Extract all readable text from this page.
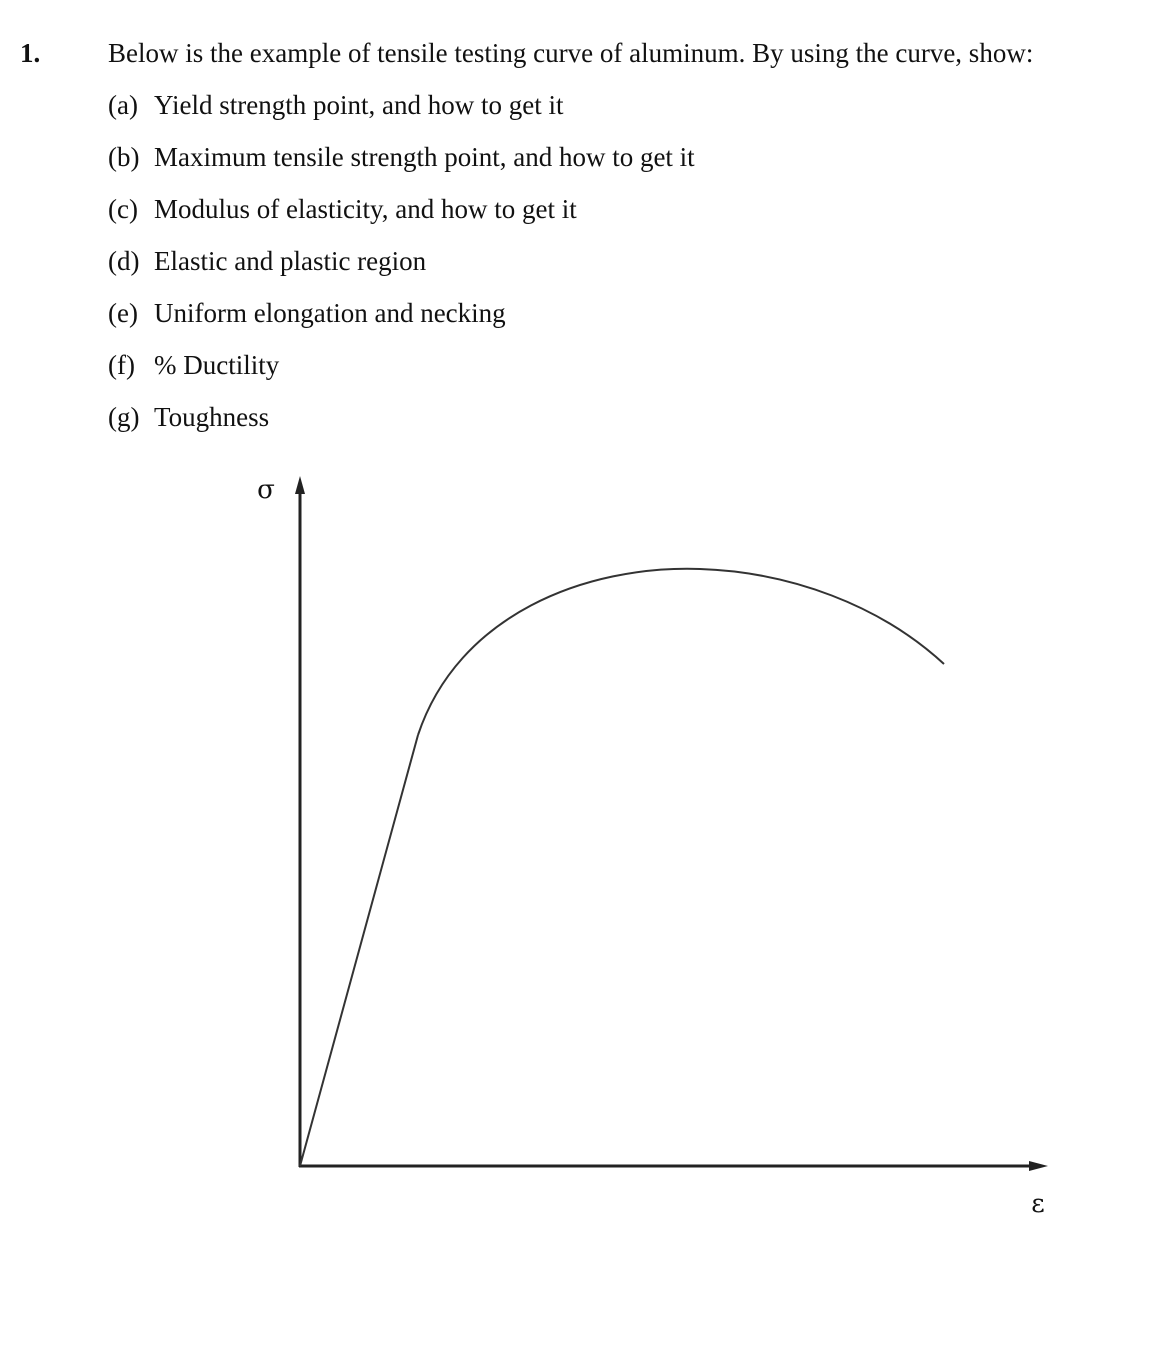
1.	Below is the example of tensile testing curve of aluminum. By using the curve, show:
(a) Yield strength point, and how to get it
(b) Maximum tensile strength point, and how to get it
(c) Modulus of elasticity, and how to get it
(d) Elastic and plastic region
(e) Uniform elongation and necking
(f) % Ductility
(g) Toughness
σ
ε
